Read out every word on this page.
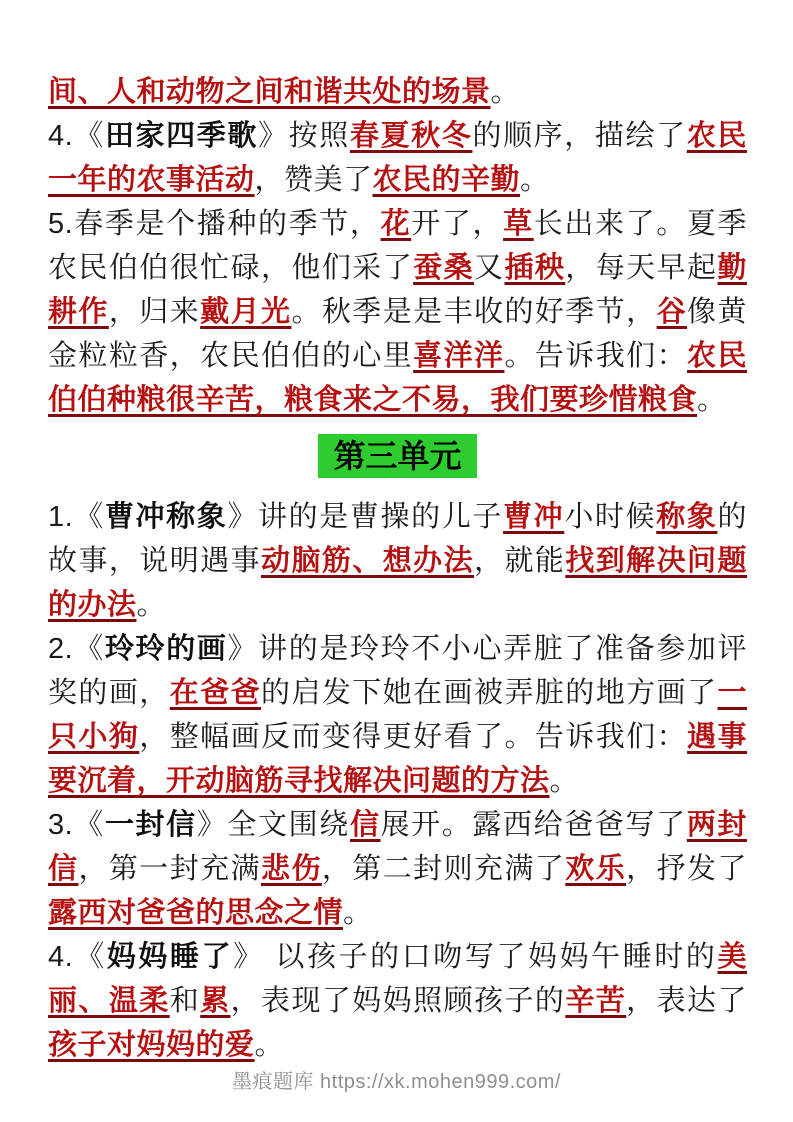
间、人和动物之间和谐共处的场景。

4.《田家四季歌》按照春夏秋冬的顺序，描绘了农民一年的农事活动，赞美了农民的辛勤。

5.春季是个播种的季节，花开了，草长出来了。夏季农民伯伯很忙碌，他们采了蚕桑又插秧，每天早起勤耕作，归来戴月光。秋季是是丰收的好季节，谷像黄金粒粒香，农民伯伯的心里喜洋洋。告诉我们：农民伯伯种粮很辛苦，粮食来之不易，我们要珍惜粮食。

第三单元

1.《曹冲称象》讲的是曹操的儿子曹冲小时候称象的故事，说明遇事动脑筋、想办法，就能找到解决问题的办法。

2.《玲玲的画》讲的是玲玲不小心弄脏了准备参加评奖的画，在爸爸的启发下她在画被弄脏的地方画了一只小狗，整幅画反而变得更好看了。告诉我们：遇事要沉着，开动脑筋寻找解决问题的方法。

3.《一封信》全文围绕信展开。露西给爸爸写了两封信，第一封充满悲伤，第二封则充满了欢乐，抒发了露西对爸爸的思念之情。

4.《妈妈睡了》 以孩子的口吻写了妈妈午睡时的美丽、温柔和累，表现了妈妈照顾孩子的辛苦，表达了孩子对妈妈的爱。

墨痕题库 https://xk.mohen999.com/
